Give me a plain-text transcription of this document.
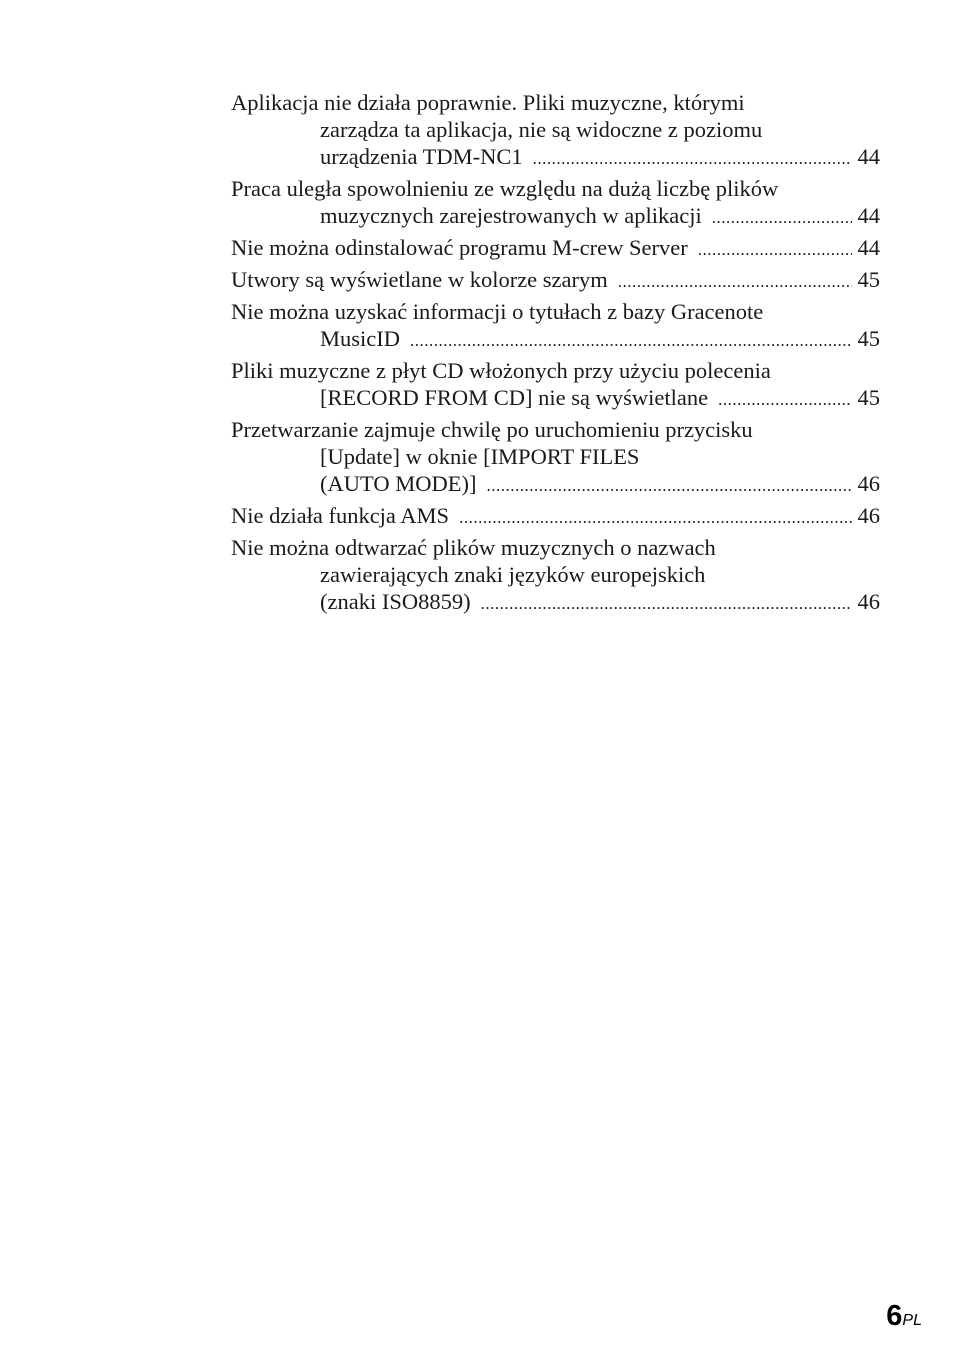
Aplikacja nie działa poprawnie. Pliki muzyczne, którymi
zarządza ta aplikacja, nie są widoczne z poziomu
urządzenia TDM-NC1 .....	44
Praca uległa spowolnieniu ze względu na dużą liczbę plików
muzycznych zarejestrowanych w aplikacji .....	44
Nie można odinstalować programu M-crew Server .....	44
Utwory są wyświetlane w kolorze szarym .....	45
Nie można uzyskać informacji o tytułach z bazy Gracenote
MusicID .....	45
Pliki muzyczne z płyt CD włożonych przy użyciu polecenia
[RECORD FROM CD] nie są wyświetlane .....	45
Przetwarzanie zajmuje chwilę po uruchomieniu przycisku
[Update] w oknie [IMPORT FILES
(AUTO MODE)] .....	46
Nie działa funkcja AMS .....	46
Nie można odtwarzać plików muzycznych o nazwach
zawierających znaki języków europejskich
(znaki ISO8859) .....	46
6PL
